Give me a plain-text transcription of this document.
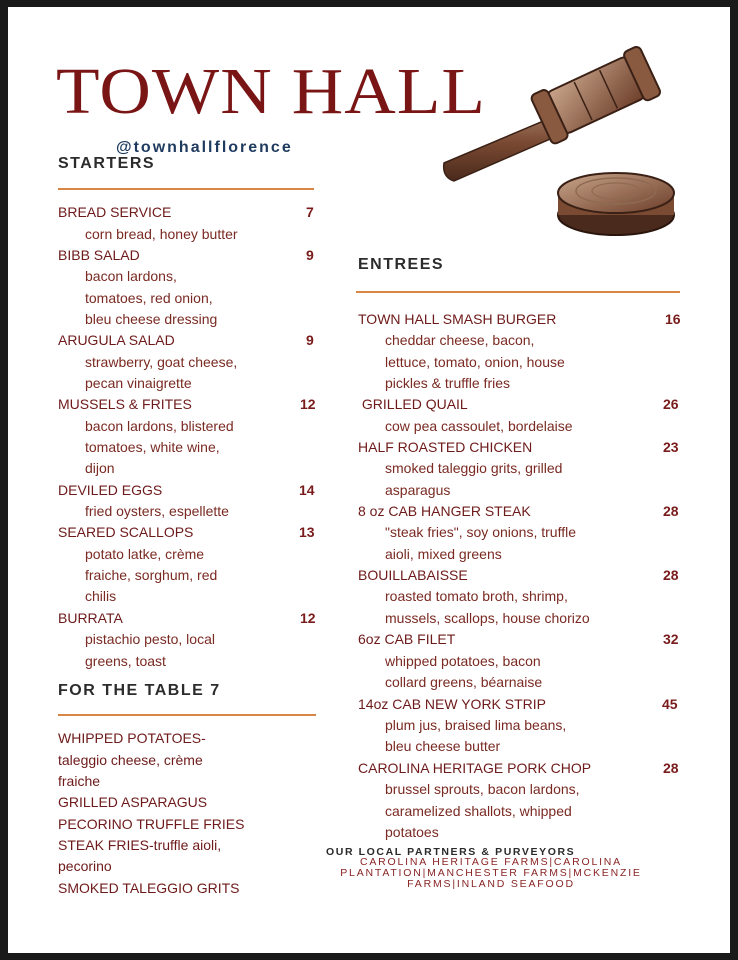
TOWN HALL
@townhallflorence
STARTERS
BREAD SERVICE	7
corn bread, honey butter
BIBB SALAD	9
bacon lardons,
tomatoes, red onion,
bleu cheese dressing
ARUGULA SALAD	9
strawberry, goat cheese,
pecan vinaigrette
MUSSELS & FRITES	12
bacon lardons, blistered
tomatoes, white wine,
dijon
DEVILED EGGS	14
fried oysters, espellette
SEARED SCALLOPS	13
potato latke, crème
fraiche, sorghum, red
chilis
BURRATA	12
pistachio pesto, local
greens, toast
FOR THE TABLE 7
WHIPPED POTATOES-
taleggio cheese, crème
fraiche
GRILLED ASPARAGUS
PECORINO TRUFFLE FRIES
STEAK FRIES-truffle aioli,
pecorino
SMOKED TALEGGIO GRITS
ENTREES
TOWN HALL SMASH BURGER	16
cheddar cheese, bacon,
lettuce, tomato, onion, house
pickles & truffle fries
GRILLED QUAIL	26
cow pea cassoulet, bordelaise
HALF ROASTED CHICKEN	23
smoked taleggio grits, grilled
asparagus
8 oz CAB HANGER STEAK	28
"steak fries", soy onions, truffle
aioli, mixed greens
BOUILLABAISSE	28
roasted tomato broth, shrimp,
mussels, scallops, house chorizo
6oz CAB FILET	32
whipped potatoes, bacon
collard greens, béarnaise
14oz CAB NEW YORK STRIP	45
plum jus, braised lima beans,
bleu cheese butter
CAROLINA HERITAGE PORK CHOP	28
brussel sprouts, bacon lardons,
caramelized shallots, whipped
potatoes
OUR LOCAL PARTNERS & PURVEYORS
CAROLINA HERITAGE FARMS|CAROLINA
PLANTATION|MANCHESTER FARMS|MCKENZIE
FARMS|INLAND SEAFOOD
